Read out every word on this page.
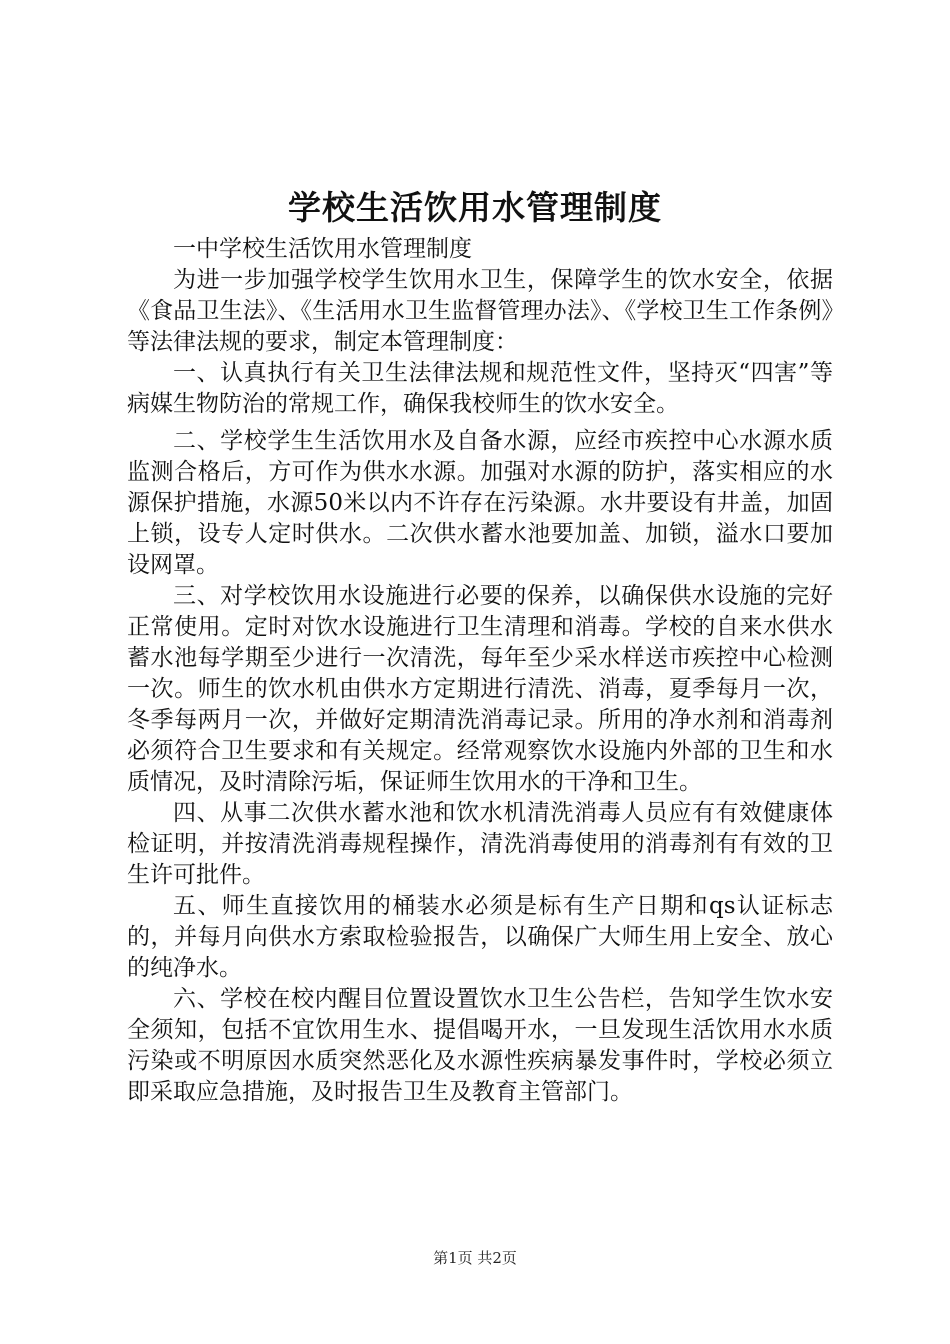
学校生活饮用水管理制度

一中学校生活饮用水管理制度

为进一步加强学校学生饮用水卫生，保障学生的饮水安全，依据《食品卫生法》、《生活用水卫生监督管理办法》、《学校卫生工作条例》等法律法规的要求，制定本管理制度：

一、认真执行有关卫生法律法规和规范性文件，坚持灭“四害”等病媒生物防治的常规工作，确保我校师生的饮水安全。

二、学校学生生活饮用水及自备水源，应经市疾控中心水源水质监测合格后，方可作为供水水源。加强对水源的防护，落实相应的水源保护措施，水源50米以内不许存在污染源。水井要设有井盖，加固上锁，设专人定时供水。二次供水蓄水池要加盖、加锁，溢水口要加设网罩。

三、对学校饮用水设施进行必要的保养，以确保供水设施的完好正常使用。定时对饮水设施进行卫生清理和消毒。学校的自来水供水蓄水池每学期至少进行一次清洗，每年至少采水样送市疾控中心检测一次。师生的饮水机由供水方定期进行清洗、消毒，夏季每月一次，冬季每两月一次，并做好定期清洗消毒记录。所用的净水剂和消毒剂必须符合卫生要求和有关规定。经常观察饮水设施内外部的卫生和水质情况，及时清除污垢，保证师生饮用水的干净和卫生。

四、从事二次供水蓄水池和饮水机清洗消毒人员应有有效健康体检证明，并按清洗消毒规程操作，清洗消毒使用的消毒剂有有效的卫生许可批件。

五、师生直接饮用的桶装水必须是标有生产日期和qs认证标志的，并每月向供水方索取检验报告，以确保广大师生用上安全、放心的纯净水。

六、学校在校内醒目位置设置饮水卫生公告栏，告知学生饮水安全须知，包括不宜饮用生水、提倡喝开水，一旦发现生活饮用水水质污染或不明原因水质突然恶化及水源性疾病暴发事件时，学校必须立即采取应急措施，及时报告卫生及教育主管部门。

第1页 共2页
